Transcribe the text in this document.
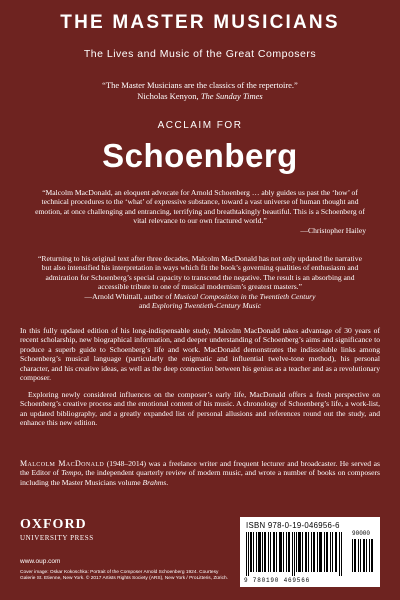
THE MASTER MUSICIANS
The Lives and Music of the Great Composers
“The Master Musicians are the classics of the repertoire.”
Nicholas Kenyon, The Sunday Times
ACCLAIM FOR
Schoenberg
“Malcolm MacDonald, an eloquent advocate for Arnold Schoenberg … ably guides us past the ‘how’ of technical procedures to the ‘what’ of expressive substance, toward a vast universe of human thought and emotion, at once challenging and entrancing, terrifying and breathtakingly beautiful. This is a Schoenberg of vital relevance to our own fractured world.”
—Christopher Hailey
“Returning to his original text after three decades, Malcolm MacDonald has not only updated the narrative but also intensified his interpretation in ways which fit the book’s governing qualities of enthusiasm and admiration for Schoenberg’s special capacity to transcend the negative. The result is an absorbing and accessible tribute to one of musical modernism’s greatest masters.”
—Arnold Whittall, author of Musical Composition in the Twentieth Century
and Exploring Twentieth-Century Music
In this fully updated edition of his long-indispensable study, Malcolm MacDonald takes advantage of 30 years of recent scholarship, new biographical information, and deeper understanding of Schoenberg’s aims and significance to produce a superb guide to Schoenberg’s life and work. MacDonald demonstrates the indissoluble links among Schoenberg’s musical language (particularly the enigmatic and influential twelve-tone method), his personal character, and his creative ideas, as well as the deep connection between his genius as a teacher and as a revolutionary composer.
Exploring newly considered influences on the composer’s early life, MacDonald offers a fresh perspective on Schoenberg’s creative process and the emotional content of his music. A chronology of Schoenberg’s life, a work-list, an updated bibliography, and a greatly expanded list of personal allusions and references round out the study, and enhance this new edition.
Malcolm MacDonald (1948–2014) was a freelance writer and frequent lecturer and broadcaster. He served as the Editor of Tempo, the independent quarterly review of modern music, and wrote a number of books on composers including the Master Musicians volume Brahms.
OXFORD
UNIVERSITY PRESS
www.oup.com
Cover image: Oskar Kokoschka: Portrait of the Composer Arnold Schoenberg 1924. Courtesy Galerie St. Etienne, New York. © 2017 Artists Rights Society (ARS), New York / ProLitteris, Zürich.
ISBN 978-0-19-046956-6
90000
9 780190 469566
